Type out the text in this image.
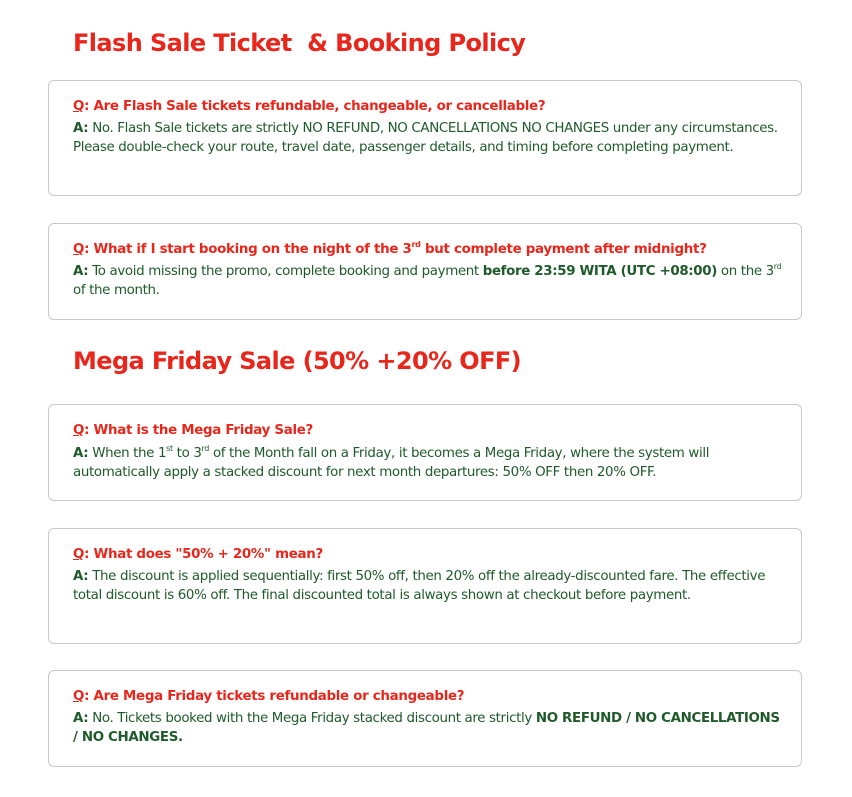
Flash Sale Ticket  & Booking Policy

Q: Are Flash Sale tickets refundable, changeable, or cancellable?

A: No. Flash Sale tickets are strictly NO REFUND, NO CANCELLATIONS NO CHANGES under any circumstances. Please double-check your route, travel date, passenger details, and timing before completing payment.

Q: What if I start booking on the night of the 3rd but complete payment after midnight?

A: To avoid missing the promo, complete booking and payment before 23:59 WITA (UTC +08:00) on the 3rd of the month.

Mega Friday Sale (50% +20% OFF)

Q: What is the Mega Friday Sale?

A: When the 1st to 3rd of the Month fall on a Friday, it becomes a Mega Friday, where the system will automatically apply a stacked discount for next month departures: 50% OFF then 20% OFF.

Q: What does "50% + 20%" mean?

A: The discount is applied sequentially: first 50% off, then 20% off the already-discounted fare. The effective total discount is 60% off. The final discounted total is always shown at checkout before payment.

Q: Are Mega Friday tickets refundable or changeable?

A: No. Tickets booked with the Mega Friday stacked discount are strictly NO REFUND / NO CANCELLATIONS / NO CHANGES.
